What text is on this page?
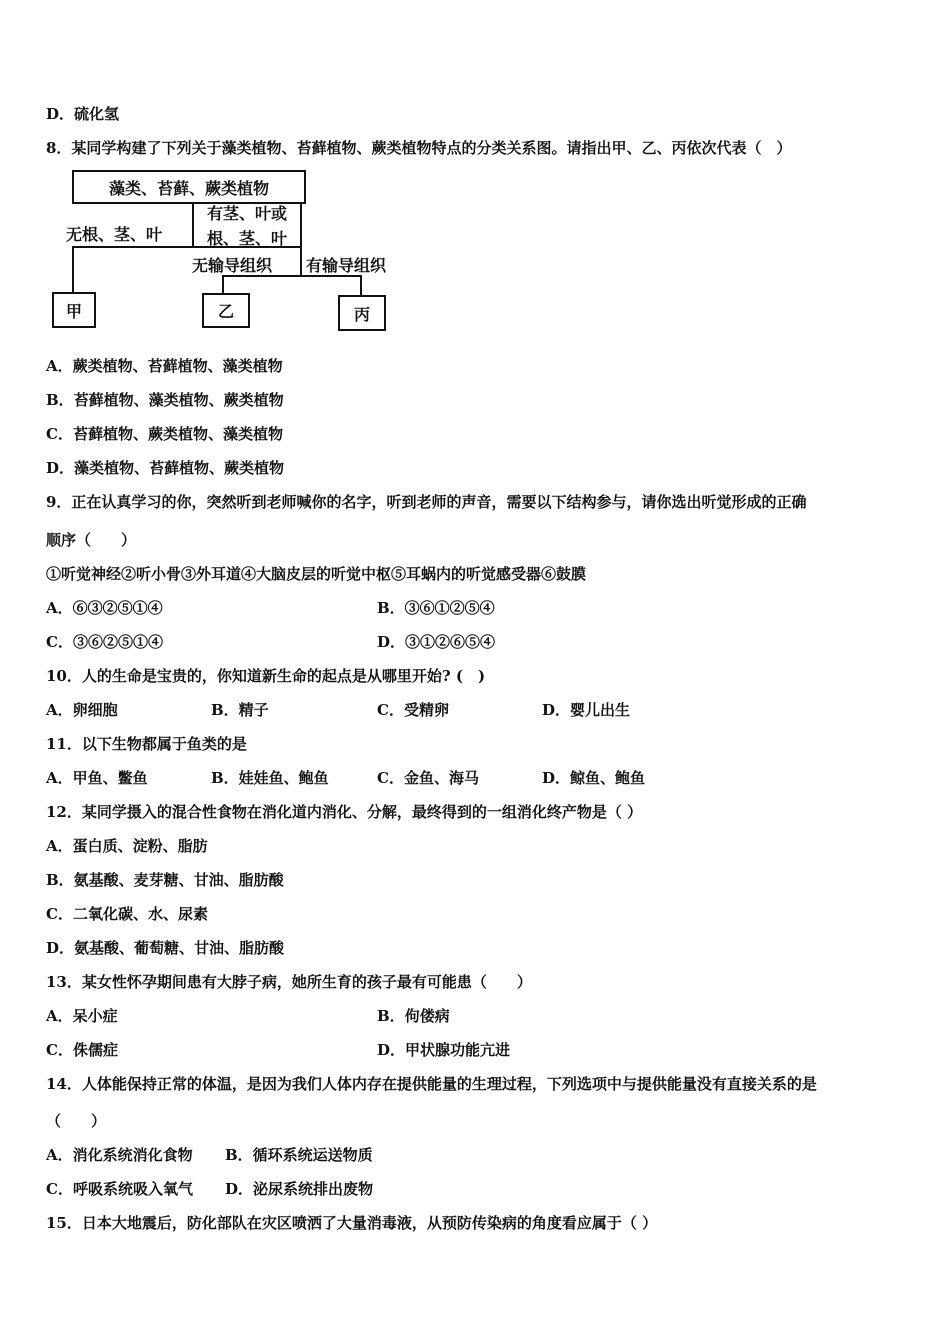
D．硫化氢
8．某同学构建了下列关于藻类植物、苔藓植物、蕨类植物特点的分类关系图。请指出甲、乙、丙依次代表（　）
藻类、苔藓、蕨类植物
无根、茎、叶
有茎、叶或
根、茎、叶
无输导组织 有输导组织
甲	乙	丙
A．蕨类植物、苔藓植物、藻类植物
B．苔藓植物、藻类植物、蕨类植物
C．苔藓植物、蕨类植物、藻类植物
D．藻类植物、苔藓植物、蕨类植物
9．正在认真学习的你，突然听到老师喊你的名字，听到老师的声音，需要以下结构参与，请你选出听觉形成的正确
顺序（　　）
①听觉神经②听小骨③外耳道④大脑皮层的听觉中枢⑤耳蜗内的听觉感受器⑥鼓膜
A．⑥③②⑤①④	B．③⑥①②⑤④
C．③⑥②⑤①④	D．③①②⑥⑤④
10．人的生命是宝贵的，你知道新生命的起点是从哪里开始? (　)
A．卵细胞	B．精子	C．受精卵	D．婴儿出生
11．以下生物都属于鱼类的是
A．甲鱼、鳖鱼	B．娃娃鱼、鲍鱼	C．金鱼、海马	D．鲸鱼、鲍鱼
12．某同学摄入的混合性食物在消化道内消化、分解，最终得到的一组消化终产物是（ ）
A．蛋白质、淀粉、脂肪
B．氨基酸、麦芽糖、甘油、脂肪酸
C．二氧化碳、水、尿素
D．氨基酸、葡萄糖、甘油、脂肪酸
13．某女性怀孕期间患有大脖子病，她所生育的孩子最有可能患（　　）
A．呆小症	B．佝偻病
C．侏儒症	D．甲状腺功能亢进
14．人体能保持正常的体温，是因为我们人体内存在提供能量的生理过程，下列选项中与提供能量没有直接关系的是
（　　）
A．消化系统消化食物 B．循环系统运送物质
C．呼吸系统吸入氧气 D．泌尿系统排出废物
15．日本大地震后，防化部队在灾区喷洒了大量消毒液，从预防传染病的角度看应属于（ ）
